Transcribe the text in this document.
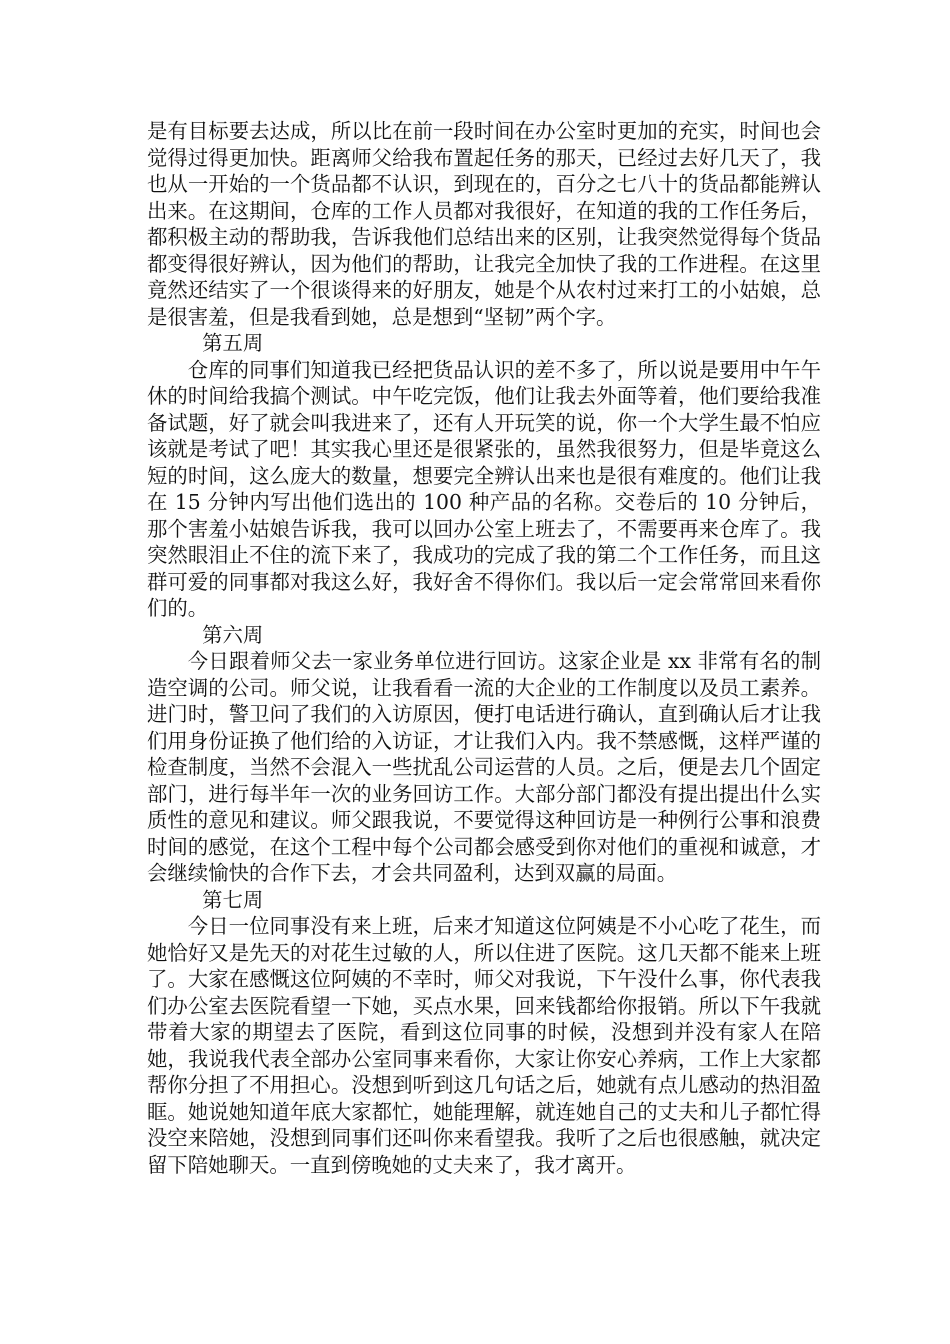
是有目标要去达成，所以比在前一段时间在办公室时更加的充实，时间也会觉得过得更加快。距离师父给我布置起任务的那天，已经过去好几天了，我也从一开始的一个货品都不认识，到现在的，百分之七八十的货品都能辨认出来。在这期间，仓库的工作人员都对我很好，在知道的我的工作任务后，都积极主动的帮助我，告诉我他们总结出来的区别，让我突然觉得每个货品都变得很好辨认，因为他们的帮助，让我完全加快了我的工作进程。在这里竟然还结实了一个很谈得来的好朋友，她是个从农村过来打工的小姑娘，总是很害羞，但是我看到她，总是想到“坚韧”两个字。

第五周

仓库的同事们知道我已经把货品认识的差不多了，所以说是要用中午午休的时间给我搞个测试。中午吃完饭，他们让我去外面等着，他们要给我准备试题，好了就会叫我进来了，还有人开玩笑的说，你一个大学生最不怕应该就是考试了吧！其实我心里还是很紧张的，虽然我很努力，但是毕竟这么短的时间，这么庞大的数量，想要完全辨认出来也是很有难度的。他们让我在 15 分钟内写出他们选出的 100 种产品的名称。交卷后的 10 分钟后，那个害羞小姑娘告诉我，我可以回办公室上班去了，不需要再来仓库了。我突然眼泪止不住的流下来了，我成功的完成了我的第二个工作任务，而且这群可爱的同事都对我这么好，我好舍不得你们。我以后一定会常常回来看你们的。

第六周

今日跟着师父去一家业务单位进行回访。这家企业是 xx 非常有名的制造空调的公司。师父说，让我看看一流的大企业的工作制度以及员工素养。进门时，警卫问了我们的入访原因，便打电话进行确认，直到确认后才让我们用身份证换了他们给的入访证，才让我们入内。我不禁感慨，这样严谨的检查制度，当然不会混入一些扰乱公司运营的人员。之后，便是去几个固定部门，进行每半年一次的业务回访工作。大部分部门都没有提出提出什么实质性的意见和建议。师父跟我说，不要觉得这种回访是一种例行公事和浪费时间的感觉，在这个工程中每个公司都会感受到你对他们的重视和诚意，才会继续愉快的合作下去，才会共同盈利，达到双赢的局面。

第七周

今日一位同事没有来上班，后来才知道这位阿姨是不小心吃了花生，而她恰好又是先天的对花生过敏的人，所以住进了医院。这几天都不能来上班了。大家在感慨这位阿姨的不幸时，师父对我说，下午没什么事，你代表我们办公室去医院看望一下她，买点水果，回来钱都给你报销。所以下午我就带着大家的期望去了医院，看到这位同事的时候，没想到并没有家人在陪她，我说我代表全部办公室同事来看你，大家让你安心养病，工作上大家都帮你分担了不用担心。没想到听到这几句话之后，她就有点儿感动的热泪盈眶。她说她知道年底大家都忙，她能理解，就连她自己的丈夫和儿子都忙得没空来陪她，没想到同事们还叫你来看望我。我听了之后也很感触，就决定留下陪她聊天。一直到傍晚她的丈夫来了，我才离开。
